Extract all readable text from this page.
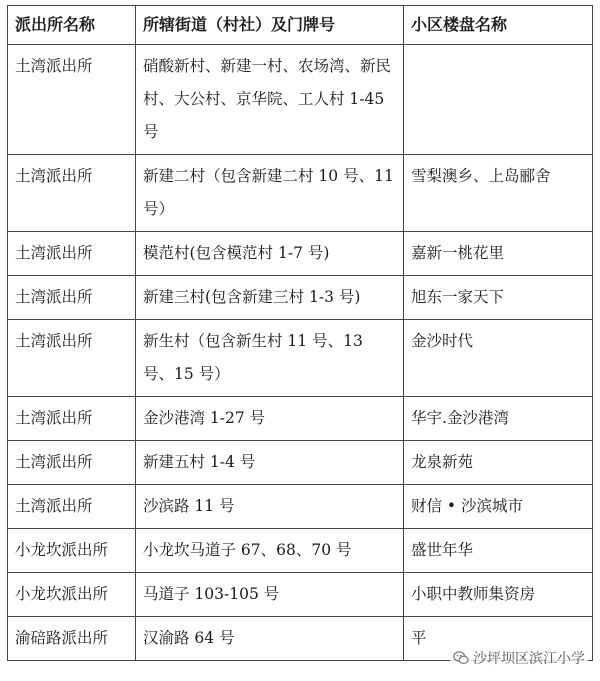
派出所名称	所辖街道（村社）及门牌号	小区楼盘名称
土湾派出所	硝酸新村、新建一村、农场湾、新民村、大公村、京华院、工人村 1-45 号	
土湾派出所	新建二村（包含新建二村 10 号、11 号）	雪梨澳乡、上岛郦舍
土湾派出所	模范村(包含模范村 1-7 号)	嘉新一桃花里
土湾派出所	新建三村(包含新建三村 1-3 号)	旭东一家天下
土湾派出所	新生村（包含新生村 11 号、13 号、15 号）	金沙时代
土湾派出所	金沙港湾 1-27 号	华宇.金沙港湾
土湾派出所	新建五村 1-4 号	龙泉新苑
土湾派出所	沙滨路 11 号	财信 • 沙滨城市
小龙坎派出所	小龙坎马道子 67、68、70 号	盛世年华
小龙坎派出所	马道子 103-105 号	小职中教师集资房
渝碚路派出所	汉渝路 64 号	平
沙坪坝区滨江小学
